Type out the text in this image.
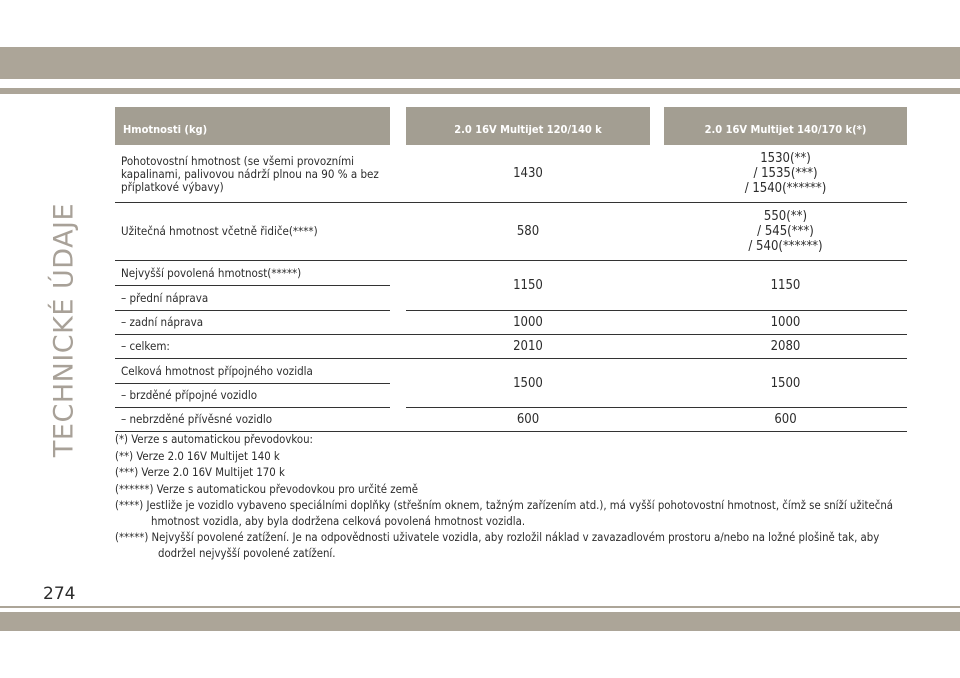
TECHNICKÉ ÚDAJE
Hmotnosti (kg)		2.0 16V Multijet 120/140 k		2.0 16V Multijet 140/170 k(*)
Pohotovostní hmotnost (se všemi provozními kapalinami, palivovou nádrží plnou na 90 % a bez příplatkové výbavy)		1430		1530(**)
/ 1535(***)
/ 1540(******)

Užitečná hmotnost včetně řidiče(****)		580		550(**)
/ 545(***)
/ 540(******)

Nejvyšší povolená hmotnost(*****)		1150		1150
– přední náprava				
– zadní náprava		1000		1000
– celkem:		2010		2080
Celková hmotnost přípojného vozidla		1500		1500
– brzděné přípojné vozidlo				
– nebrzděné přívěsné vozidlo		600		600
(*) Verze s automatickou převodovkou:
(**) Verze 2.0 16V Multijet 140 k
(***) Verze 2.0 16V Multijet 170 k
(******) Verze s automatickou převodovkou pro určité země
(****) Jestliže je vozidlo vybaveno speciálními doplňky (střešním oknem, tažným zařízením atd.), má vyšší pohotovostní hmotnost, čímž se sníží užitečná hmotnost vozidla, aby byla dodržena celková povolená hmotnost vozidla.
(*****) Nejvyšší povolené zatížení. Je na odpovědnosti uživatele vozidla, aby rozložil náklad v zavazadlovém prostoru a/nebo na ložné plošině tak, aby dodržel nejvyšší povolené zatížení.
274
